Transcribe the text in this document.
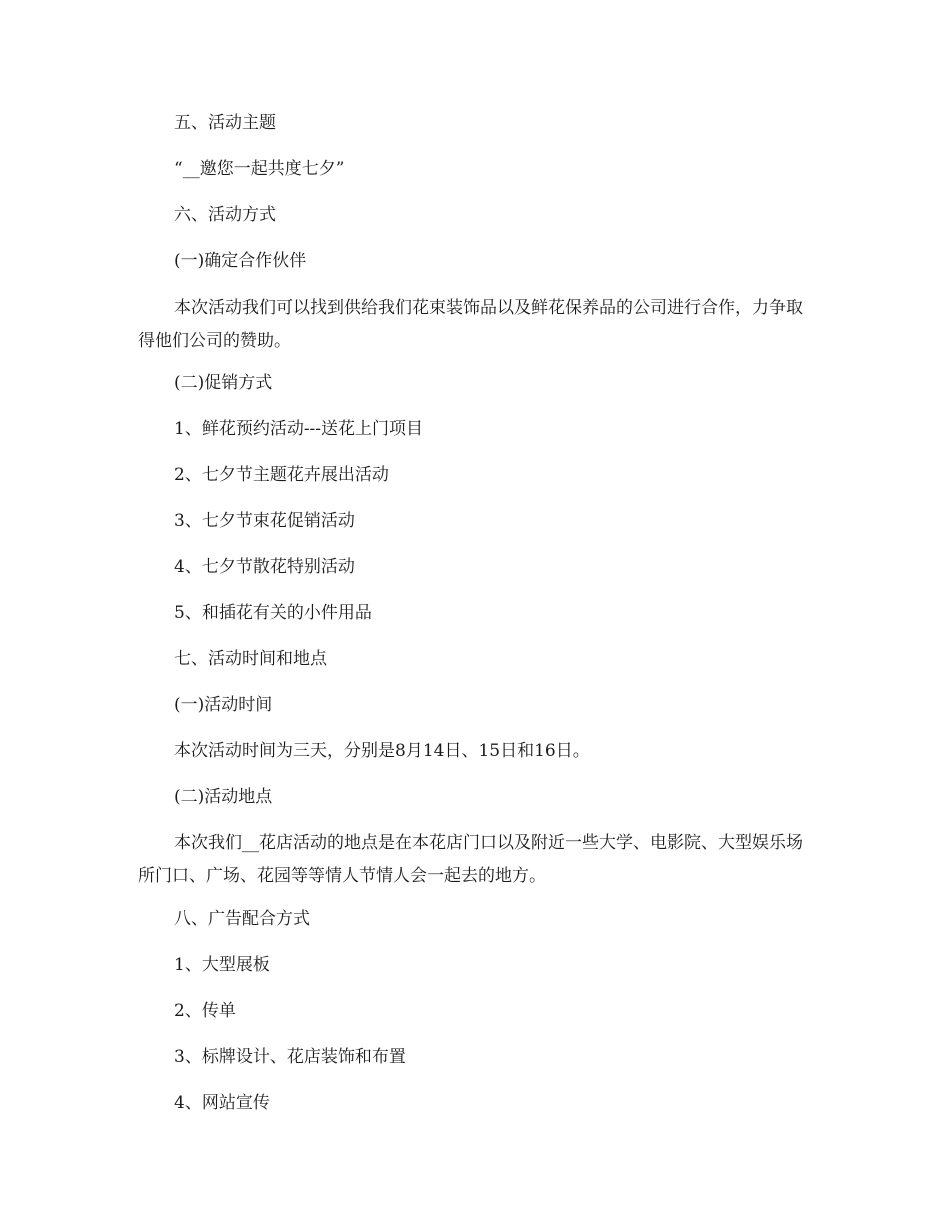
五、活动主题

“__邀您一起共度七夕”

六、活动方式

(一)确定合作伙伴

本次活动我们可以找到供给我们花束装饰品以及鲜花保养品的公司进行合作，力争取得他们公司的赞助。

(二)促销方式

1、鲜花预约活动---送花上门项目

2、七夕节主题花卉展出活动

3、七夕节束花促销活动

4、七夕节散花特别活动

5、和插花有关的小件用品

七、活动时间和地点

(一)活动时间

本次活动时间为三天，分别是8月14日、15日和16日。

(二)活动地点

本次我们__花店活动的地点是在本花店门口以及附近一些大学、电影院、大型娱乐场所门口、广场、花园等等情人节情人会一起去的地方。

八、广告配合方式

1、大型展板

2、传单

3、标牌设计、花店装饰和布置

4、网站宣传
